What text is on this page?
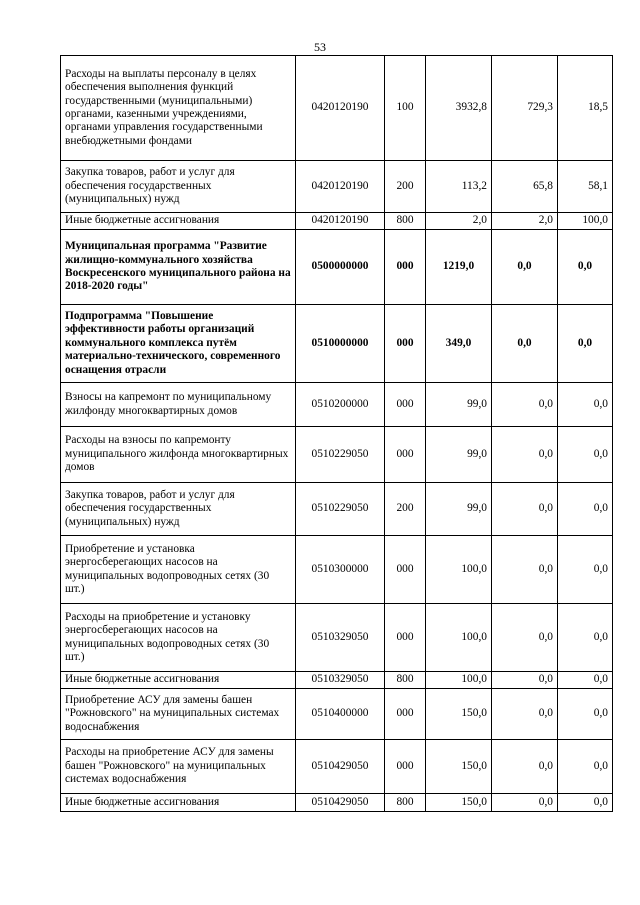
53
Расходы на выплаты персоналу в целях обеспечения выполнения функций государственными (муниципальными) органами, казенными учреждениями, органами управления государственными внебюджетными фондами	0420120190	100	3932,8	729,3	18,5
Закупка товаров, работ и услуг для обеспечения государственных (муниципальных) нужд	0420120190	200	113,2	65,8	58,1
Иные бюджетные ассигнования	0420120190	800	2,0	2,0	100,0
Муниципальная программа "Развитие жилищно-коммунального хозяйства Воскресенского муниципального района на 2018-2020 годы"	0500000000	000	1219,0	0,0	0,0
Подпрограмма "Повышение эффективности работы организаций коммунального комплекса путём материально-технического, современного оснащения отрасли	0510000000	000	349,0	0,0	0,0
Взносы на капремонт по муниципальному жилфонду многоквартирных домов	0510200000	000	99,0	0,0	0,0
Расходы на взносы по капремонту муниципального жилфонда многоквартирных домов	0510229050	000	99,0	0,0	0,0
Закупка товаров, работ и услуг для обеспечения государственных (муниципальных) нужд	0510229050	200	99,0	0,0	0,0
Приобретение и установка энергосберегающих насосов на муниципальных водопроводных сетях (30 шт.)	0510300000	000	100,0	0,0	0,0
Расходы на приобретение и установку энергосберегающих насосов на муниципальных водопроводных сетях (30 шт.)	0510329050	000	100,0	0,0	0,0
Иные бюджетные ассигнования	0510329050	800	100,0	0,0	0,0
Приобретение АСУ для замены башен "Рожновского" на муниципальных системах водоснабжения	0510400000	000	150,0	0,0	0,0
Расходы на приобретение АСУ для замены башен "Рожновского" на муниципальных системах водоснабжения	0510429050	000	150,0	0,0	0,0
Иные бюджетные ассигнования	0510429050	800	150,0	0,0	0,0
